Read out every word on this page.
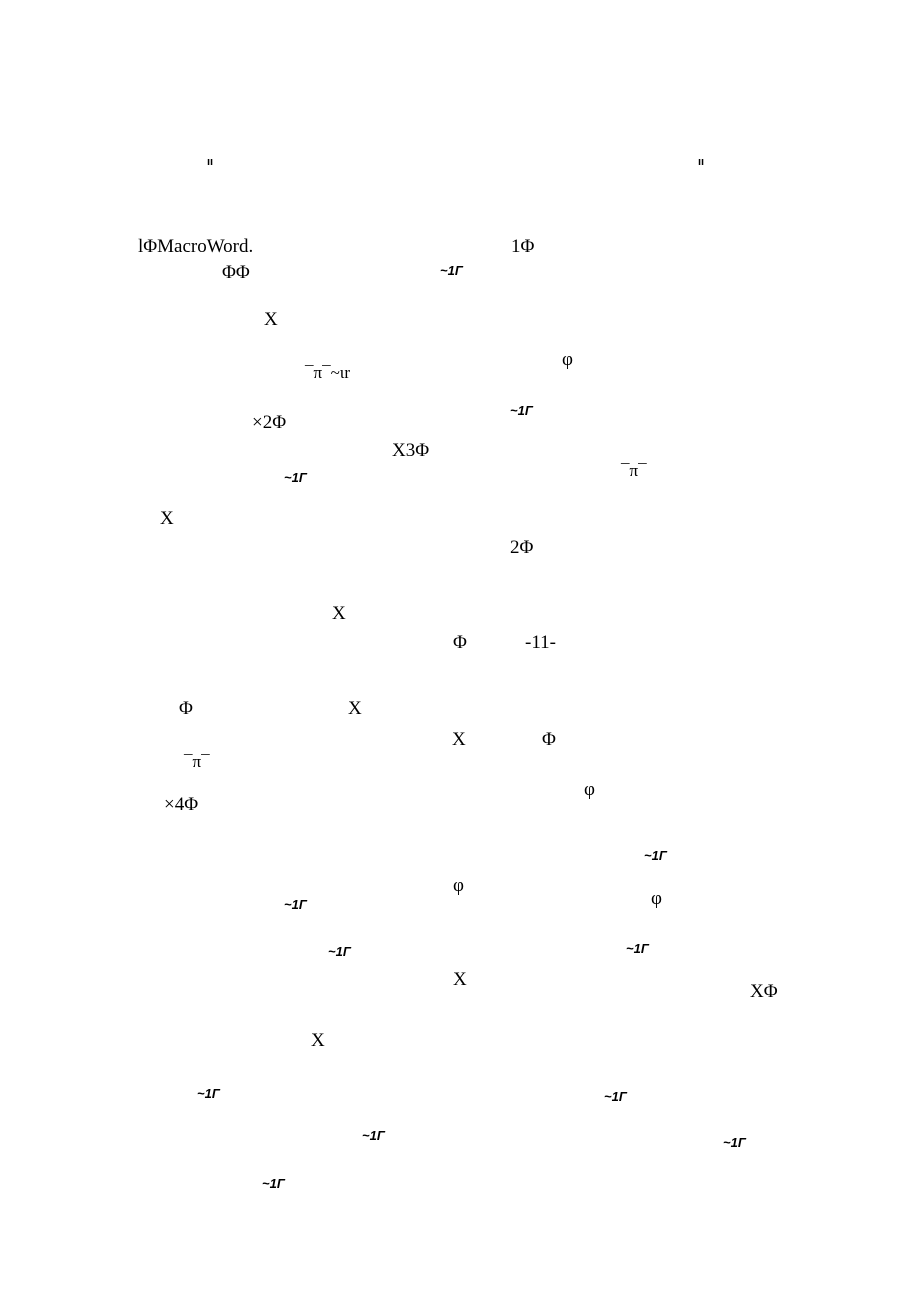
ıı	ıı
lΦMacroWord.	1Φ
ΦΦ	~1Γ
X
φ
¯π¯~ιr
~1Γ
×2Φ
X3Φ
~1Γ	¯π¯
X
2Φ
X
Φ	-11-
Φ	X
X	Φ
¯π¯
φ
×4Φ
~1Γ
φ
~1Γ	φ
~1Γ	~1Γ
X
XΦ
X
~1Γ	~1Γ
~1Γ	~1Γ
~1Γ
